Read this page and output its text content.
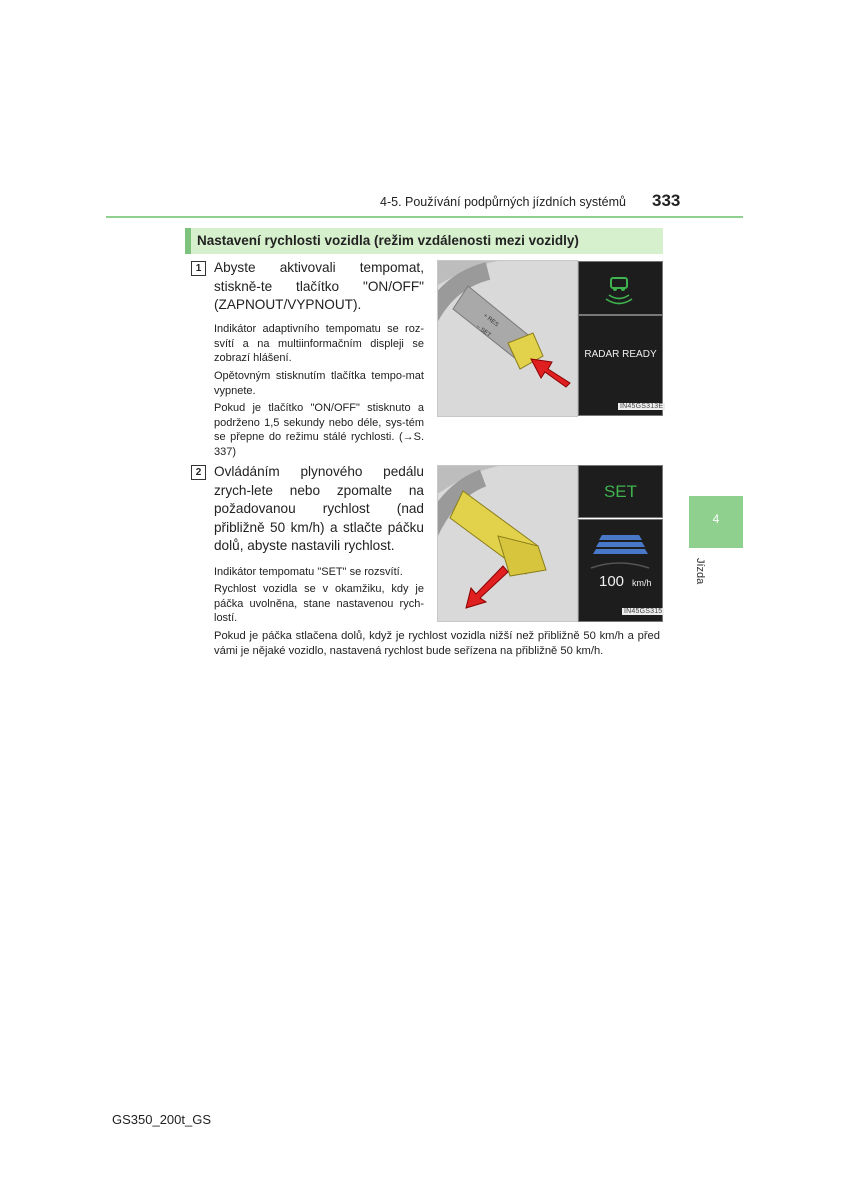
4-5. Používání podpůrných jízdních systémů 333
Nastavení rychlosti vozidla (režim vzdálenosti mezi vozidly)
1 Abyste aktivovali tempomat, stiskně-te tlačítko "ON/OFF" (ZAPNOUT/VYPNOUT).
Indikátor adaptivního tempomatu se roz-svítí a na multiinformačním displeji se zobrazí hlášení.
Opětovným stisknutím tlačítka tempo-mat vypnete.
Pokud je tlačítko "ON/OFF" stisknuto a podrženo 1,5 sekundy nebo déle, sys-tém se přepne do režimu stálé rychlosti. (→S. 337)
+ RES
– SET
RADAR READY
IN45GS313E
2 Ovládáním plynového pedálu zrych-lete nebo zpomalte na požadovanou rychlost (nad přibližně 50 km/h) a stlačte páčku dolů, abyste nastavili rychlost.
Indikátor tempomatu "SET" se rozsvítí.
Rychlost vozidla se v okamžiku, kdy je páčka uvolněna, stane nastavenou rych-lostí.
SET
100 km/h
IN45GS315
Pokud je páčka stlačena dolů, když je rychlost vozidla nižší než přibližně 50 km/h a před vámi je nějaké vozidlo, nastavená rychlost bude seřízena na přibližně 50 km/h.
4
Jízda
GS350_200t_GS
